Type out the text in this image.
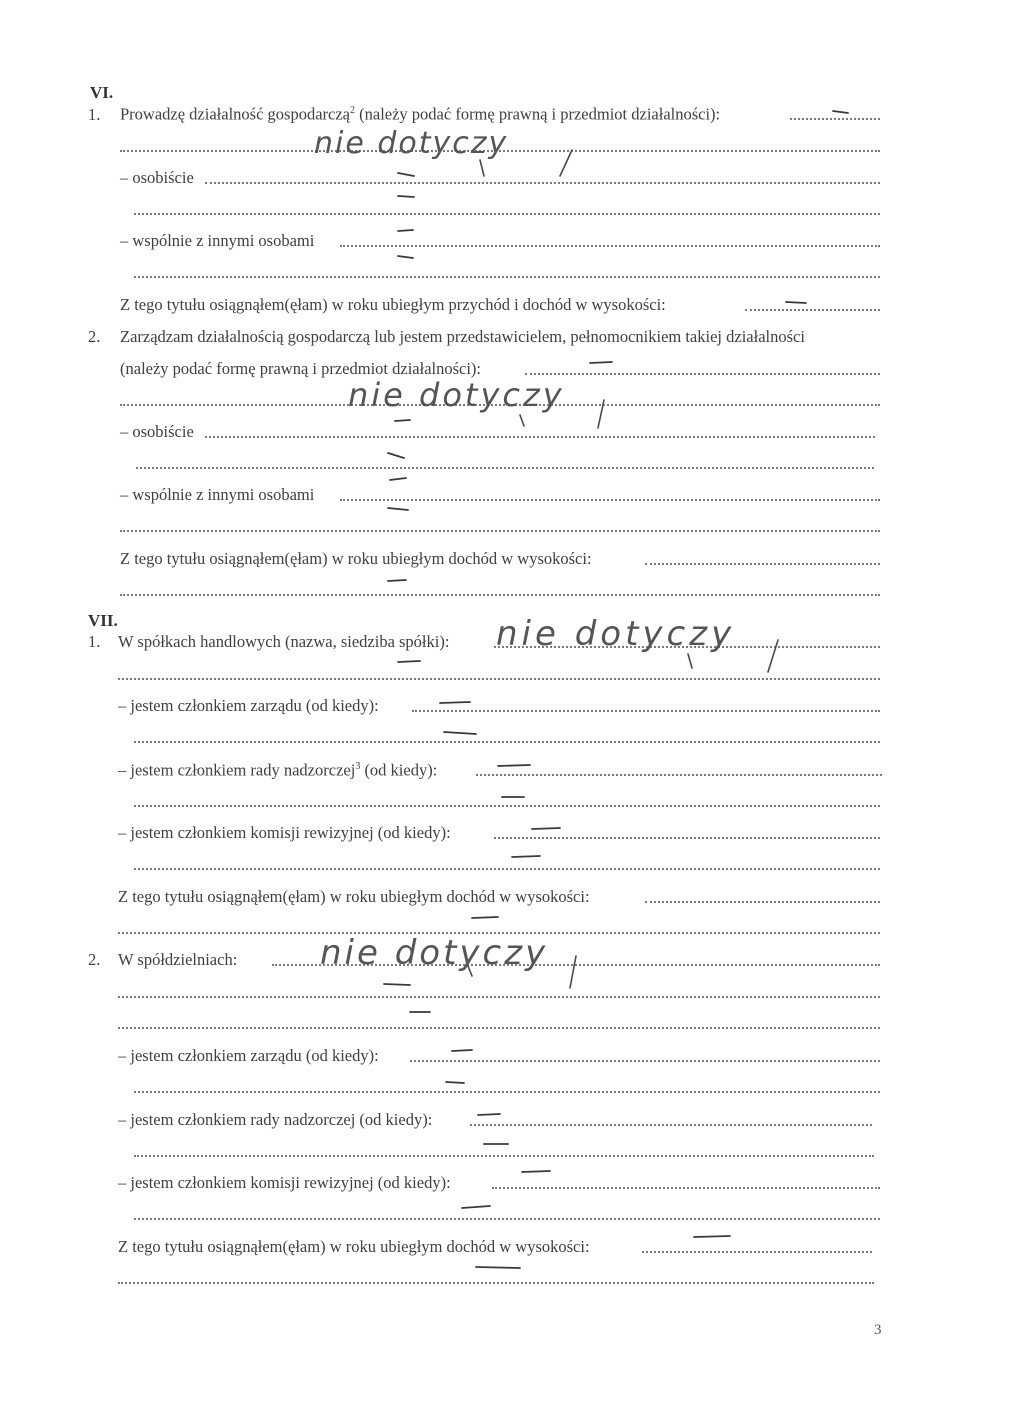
VI.
1. Prowadzę działalność gospodarczą$^2$ (należy podać formę prawną i przedmiot działalności):
nie dotyczy
– osobiście
– wspólnie z innymi osobami
Z tego tytułu osiągnąłem(ęłam) w roku ubiegłym przychód i dochód w wysokości:
2. Zarządzam działalnością gospodarczą lub jestem przedstawicielem, pełnomocnikiem takiej działalności
(należy podać formę prawną i przedmiot działalności):
nie dotyczy
– osobiście
– wspólnie z innymi osobami
Z tego tytułu osiągnąłem(ęłam) w roku ubiegłym dochód w wysokości:
VII.
1. W spółkach handlowych (nazwa, siedziba spółki): nie dotyczy
– jestem członkiem zarządu (od kiedy):
– jestem członkiem rady nadzorczej$^3$ (od kiedy):
– jestem członkiem komisji rewizyjnej (od kiedy):
Z tego tytułu osiągnąłem(ęłam) w roku ubiegłym dochód w wysokości:
2. W spółdzielniach: nie dotyczy
– jestem członkiem zarządu (od kiedy):
– jestem członkiem rady nadzorczej (od kiedy):
– jestem członkiem komisji rewizyjnej (od kiedy):
Z tego tytułu osiągnąłem(ęłam) w roku ubiegłym dochód w wysokości:
3
